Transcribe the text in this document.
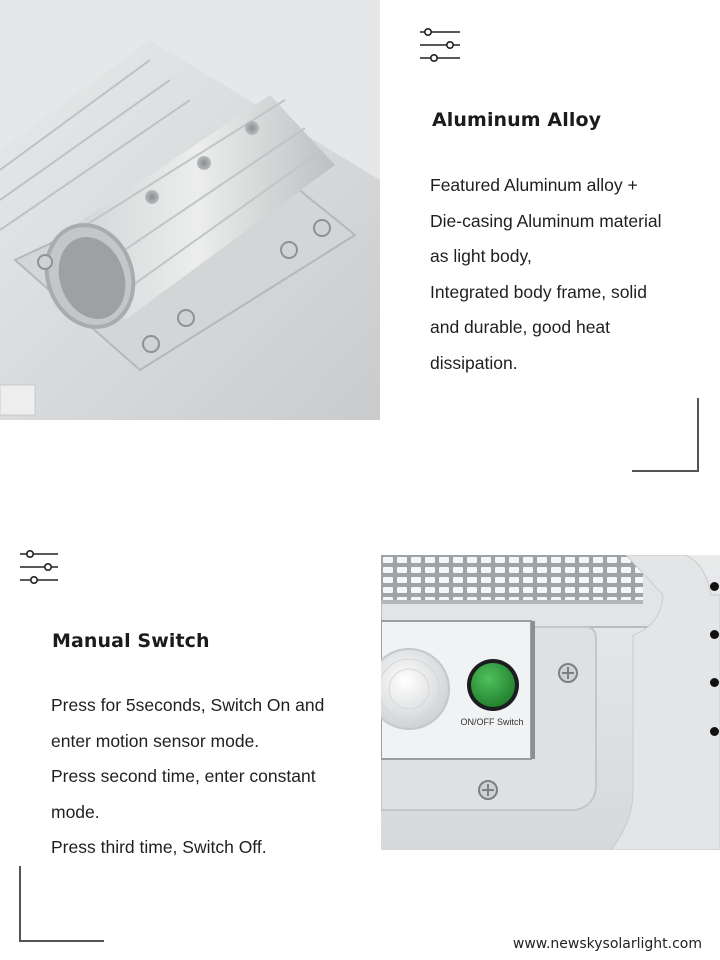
Aluminum Alloy
Featured Aluminum alloy +
Die-casing Aluminum material
as light body,
Integrated body frame, solid
and durable, good heat
dissipation.
Manual Switch
Press for 5seconds, Switch On and
enter motion sensor mode.
Press second time, enter constant
mode.
Press third time, Switch Off.
ON/OFF Switch
www.newskysolarlight.com
